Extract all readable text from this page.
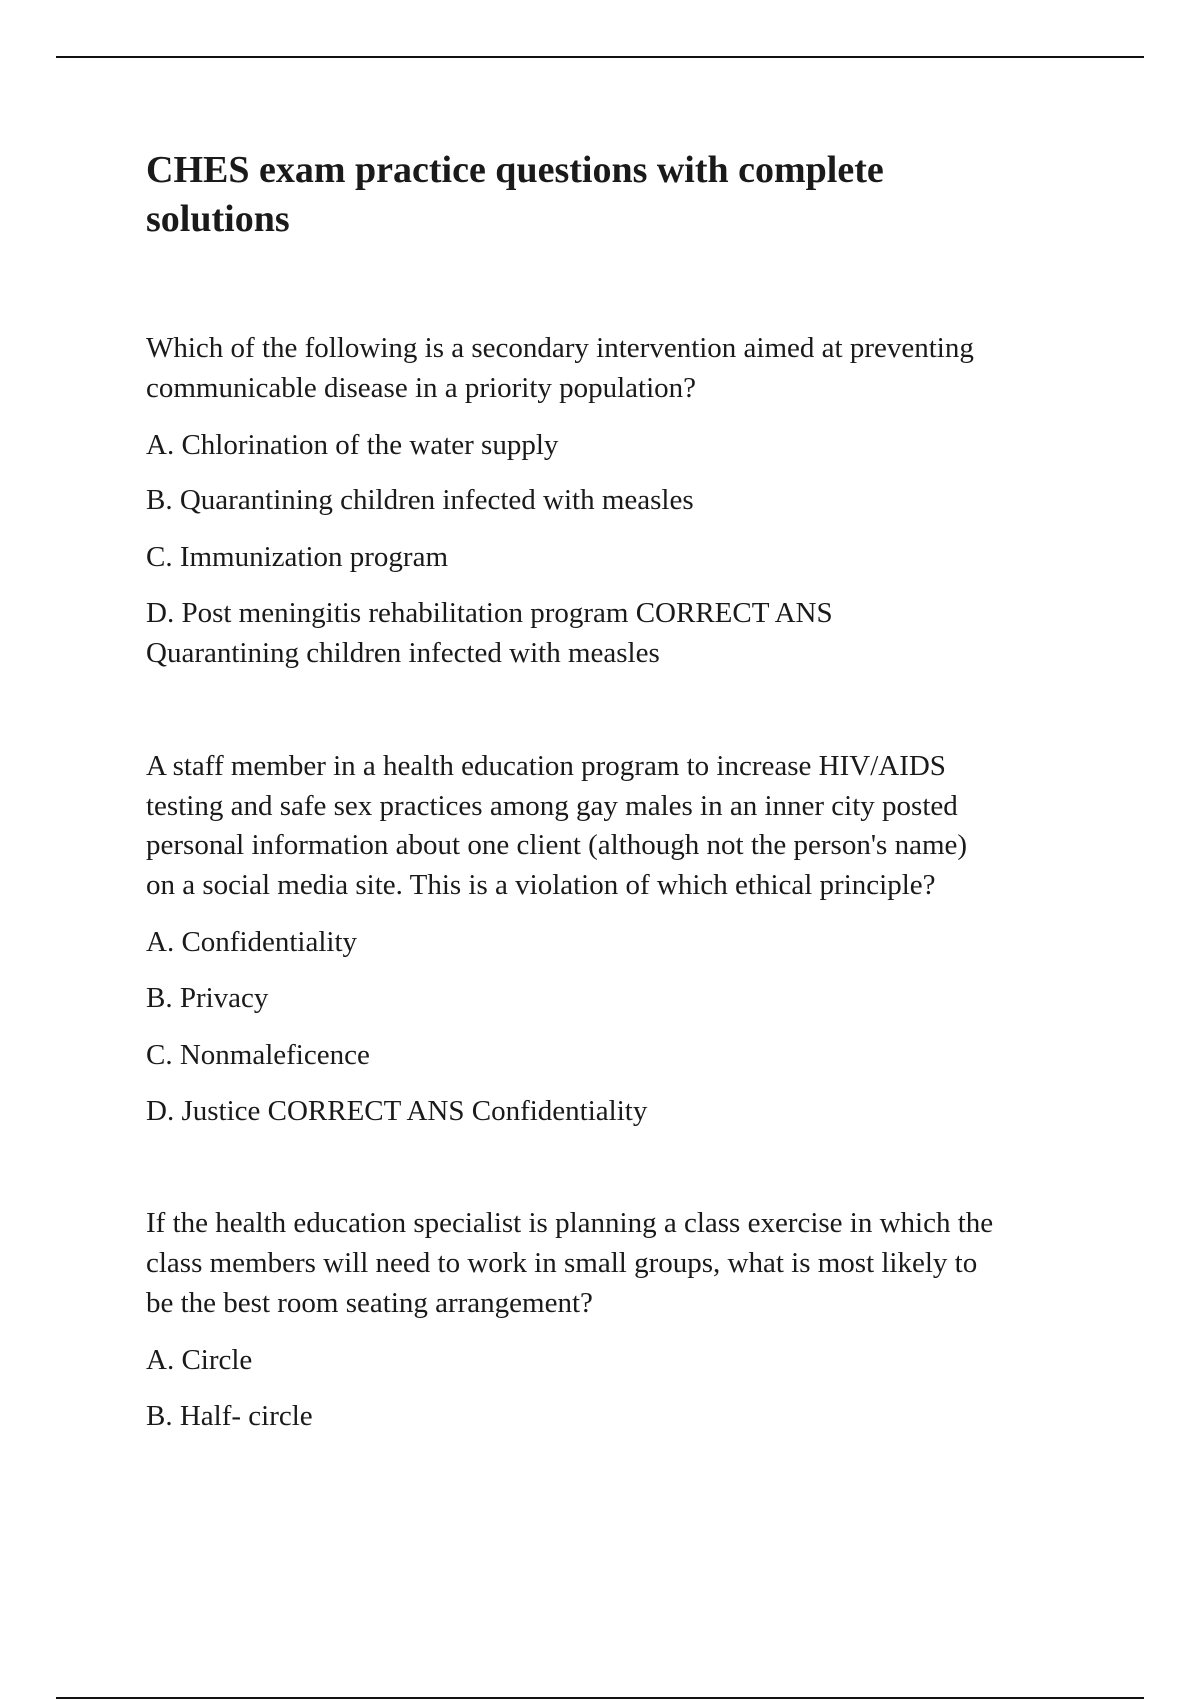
CHES exam practice questions with complete
solutions
Which of the following is a secondary intervention aimed at preventing
communicable disease in a priority population?
A. Chlorination of the water supply
B. Quarantining children infected with measles
C. Immunization program
D. Post meningitis rehabilitation program CORRECT ANS
Quarantining children infected with measles
A staff member in a health education program to increase HIV/AIDS
testing and safe sex practices among gay males in an inner city posted
personal information about one client (although not the person's name)
on a social media site. This is a violation of which ethical principle?
A. Confidentiality
B. Privacy
C. Nonmaleficence
D. Justice CORRECT ANS Confidentiality
If the health education specialist is planning a class exercise in which the
class members will need to work in small groups, what is most likely to
be the best room seating arrangement?
A. Circle
B. Half- circle
